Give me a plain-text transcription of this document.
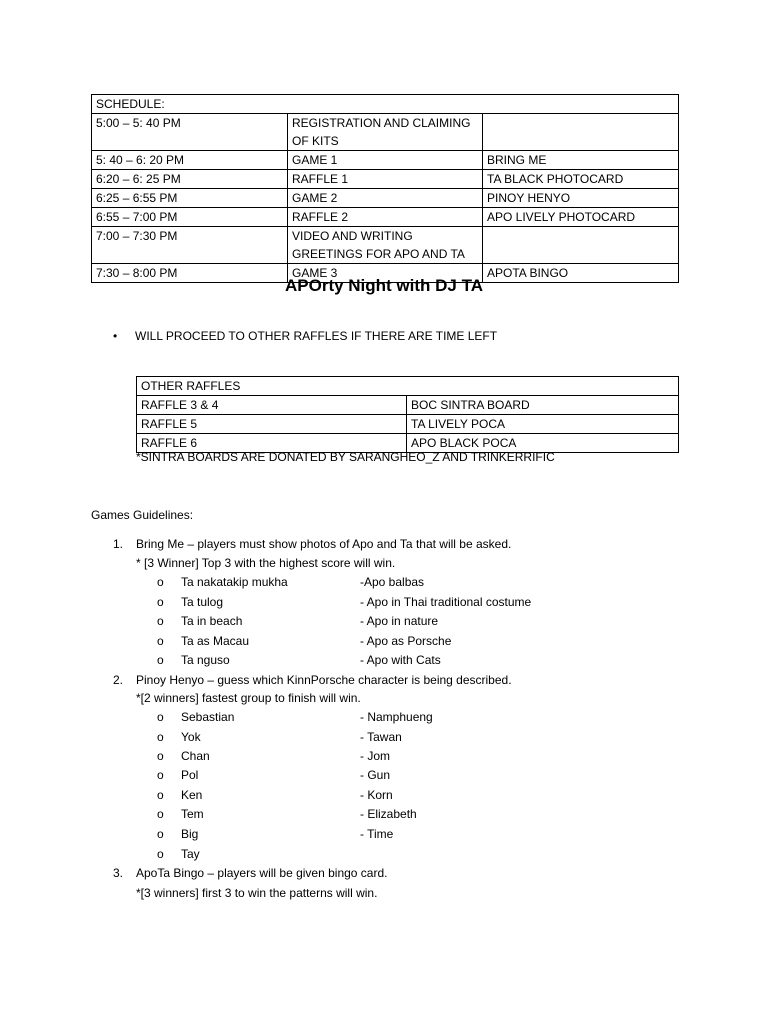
SCHEDULE:		
5:00 – 5: 40 PM	REGISTRATION AND CLAIMING OF KITS	
5: 40 – 6: 20 PM	GAME 1	BRING ME
6:20 – 6: 25 PM	RAFFLE 1	TA BLACK PHOTOCARD
6:25 – 6:55 PM	GAME 2	PINOY HENYO
6:55 – 7:00 PM	RAFFLE 2	APO LIVELY PHOTOCARD
7:00 – 7:30 PM	VIDEO AND WRITING GREETINGS FOR APO AND TA	
7:30 – 8:00 PM	GAME 3	APOTA BINGO
APOrty Night with DJ TA
• WILL PROCEED TO OTHER RAFFLES IF THERE ARE TIME LEFT
OTHER RAFFLES	
RAFFLE 3 & 4	BOC SINTRA BOARD
RAFFLE 5	TA LIVELY POCA
RAFFLE 6	APO BLACK POCA
*SINTRA BOARDS ARE DONATED BY SARANGHEO_Z AND TRINKERRIFIC
Games Guidelines:
1. Bring Me – players must show photos of Apo and Ta that will be asked.
* [3 Winner] Top 3 with the highest score will win.
o Ta nakatakip mukha	-Apo balbas
o Ta tulog	- Apo in Thai traditional costume
o Ta in beach	- Apo in nature
o Ta as Macau	- Apo as Porsche
o Ta nguso	- Apo with Cats
2. Pinoy Henyo – guess which KinnPorsche character is being described.
*[2 winners] fastest group to finish will win.
o Sebastian	- Namphueng
o Yok	- Tawan
o Chan	- Jom
o Pol	- Gun
o Ken	- Korn
o Tem	- Elizabeth
o Big	- Time
o Tay
3. ApoTa Bingo – players will be given bingo card.
*[3 winners] first 3 to win the patterns will win.
